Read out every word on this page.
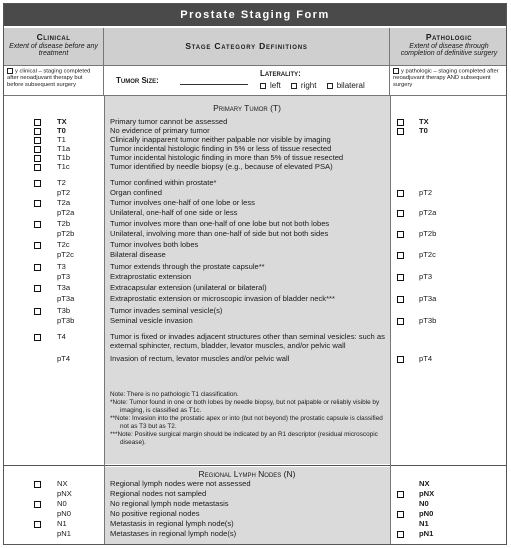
Prostate Staging Form
Clinical
Extent of disease before any treatment
Stage Category Definitions
Pathologic
Extent of disease through completion of definitive surgery
y clinical – staging completed after neoadjuvant therapy but before subsequent surgery
Tumor Size:
Laterality:
left	right	bilateral
y pathologic – staging completed after neoadjuvant therapy AND subsequent surgery
Primary Tumor (T)
TX	Primary tumor cannot be assessed	TX
T0	No evidence of primary tumor	T0
T1	Clinically inapparent tumor neither palpable nor visible by imaging
T1a	Tumor incidental histologic finding in 5% or less of tissue resected
T1b	Tumor incidental histologic finding in more than 5% of tissue resected
T1c	Tumor identified by needle biopsy (e.g., because of elevated PSA)
T2	Tumor confined within prostate*
pT2	Organ confined	pT2
T2a	Tumor involves one-half of one lobe or less
pT2a	Unilateral, one-half of one side or less	pT2a
T2b	Tumor involves more than one-half of one lobe but not both lobes
pT2b	Unilateral, involving more than one-half of side but not both sides	pT2b
T2c	Tumor involves both lobes
pT2c	Bilateral disease	pT2c
T3	Tumor extends through the prostate capsule**
pT3	Extraprostatic extension	pT3
T3a	Extracapsular extension (unilateral or bilateral)
pT3a	Extraprostatic extension or microscopic invasion of bladder neck***	pT3a
T3b	Tumor invades seminal vesicle(s)
pT3b	Seminal vesicle invasion	pT3b
T4	Tumor is fixed or invades adjacent structures other than seminal vesicles: such as external sphincter, rectum, bladder, levator muscles, and/or pelvic wall
pT4	Invasion of rectum, levator muscles and/or pelvic wall	pT4
Note: There is no pathologic T1 classification.
*Note: Tumor found in one or both lobes by needle biopsy, but not palpable or reliably visible by imaging, is classified as T1c.
**Note: Invasion into the prostatic apex or into (but not beyond) the prostatic capsule is classified not as T3 but as T2.
***Note: Positive surgical margin should be indicated by an R1 descriptor (residual microscopic disease).
Regional Lymph Nodes (N)
NX	Regional lymph nodes were not assessed	NX
pNX	Regional nodes not sampled	pNX
N0	No regional lymph node metastasis	N0
pN0	No positive regional nodes	pN0
N1	Metastasis in regional lymph node(s)	N1
pN1	Metastases in regional lymph node(s)	pN1
